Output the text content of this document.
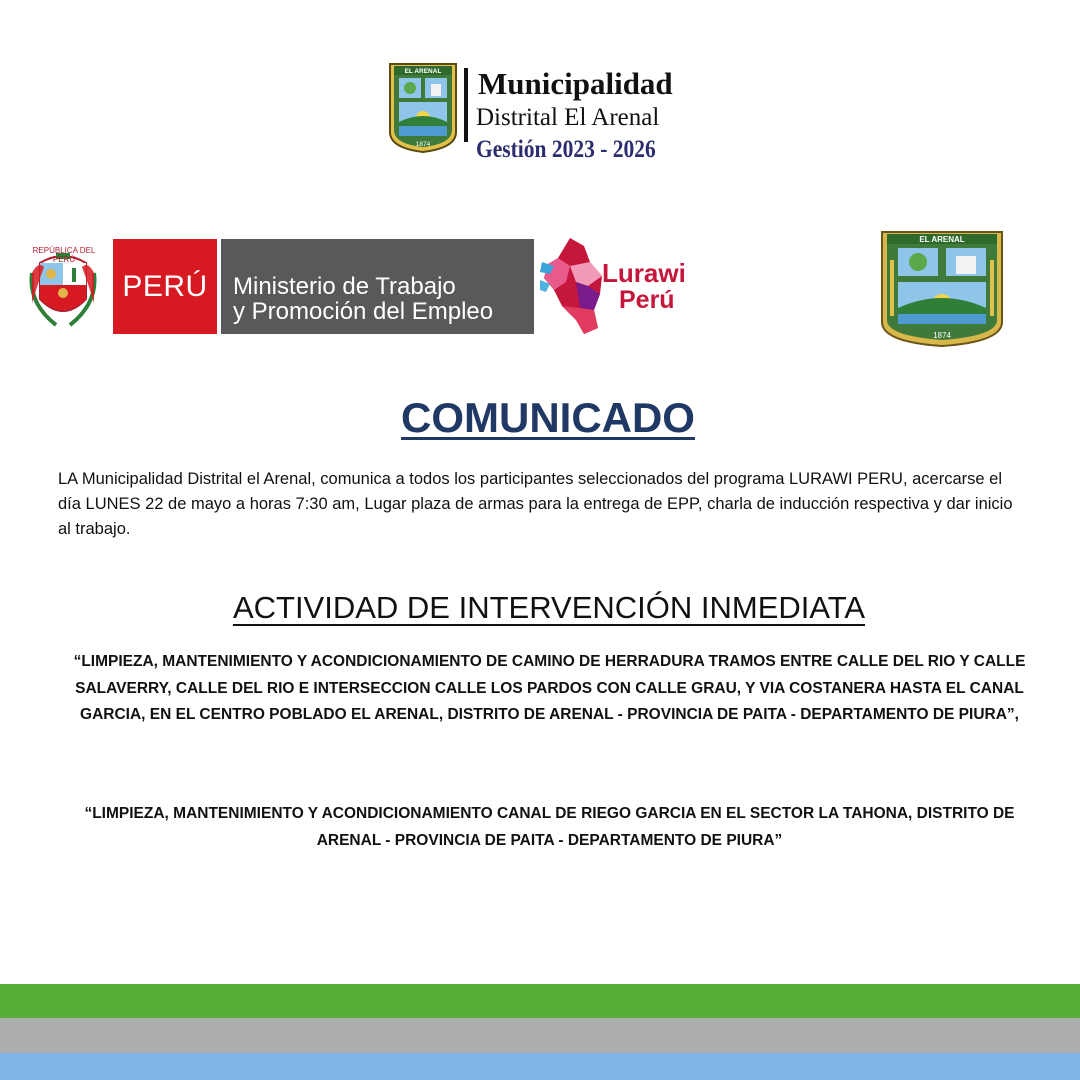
EL ARENAL
1874
Municipalidad
Distrital El Arenal
Gestión 2023 - 2026
REPÚBLICA DEL PERÚ
PERÚ Ministerio de Trabajo
y Promoción del Empleo
Lurawi
Perú
EL ARENAL
1874
COMUNICADO
LA Municipalidad Distrital el Arenal, comunica a todos los participantes seleccionados del programa LURAWI PERU, acercarse el día LUNES 22 de mayo a horas 7:30 am, Lugar plaza de armas para la entrega de EPP, charla de inducción respectiva y dar inicio al trabajo.
ACTIVIDAD DE INTERVENCIÓN INMEDIATA
“LIMPIEZA, MANTENIMIENTO Y ACONDICIONAMIENTO DE CAMINO DE HERRADURA TRAMOS ENTRE CALLE DEL RIO Y CALLE SALAVERRY, CALLE DEL RIO E INTERSECCION CALLE LOS PARDOS CON CALLE GRAU, Y VIA COSTANERA HASTA EL CANAL GARCIA, EN EL CENTRO POBLADO EL ARENAL, DISTRITO DE ARENAL - PROVINCIA DE PAITA - DEPARTAMENTO DE PIURA”,
“LIMPIEZA, MANTENIMIENTO Y ACONDICIONAMIENTO CANAL DE RIEGO GARCIA EN EL SECTOR LA TAHONA, DISTRITO DE ARENAL - PROVINCIA DE PAITA - DEPARTAMENTO DE PIURA”
